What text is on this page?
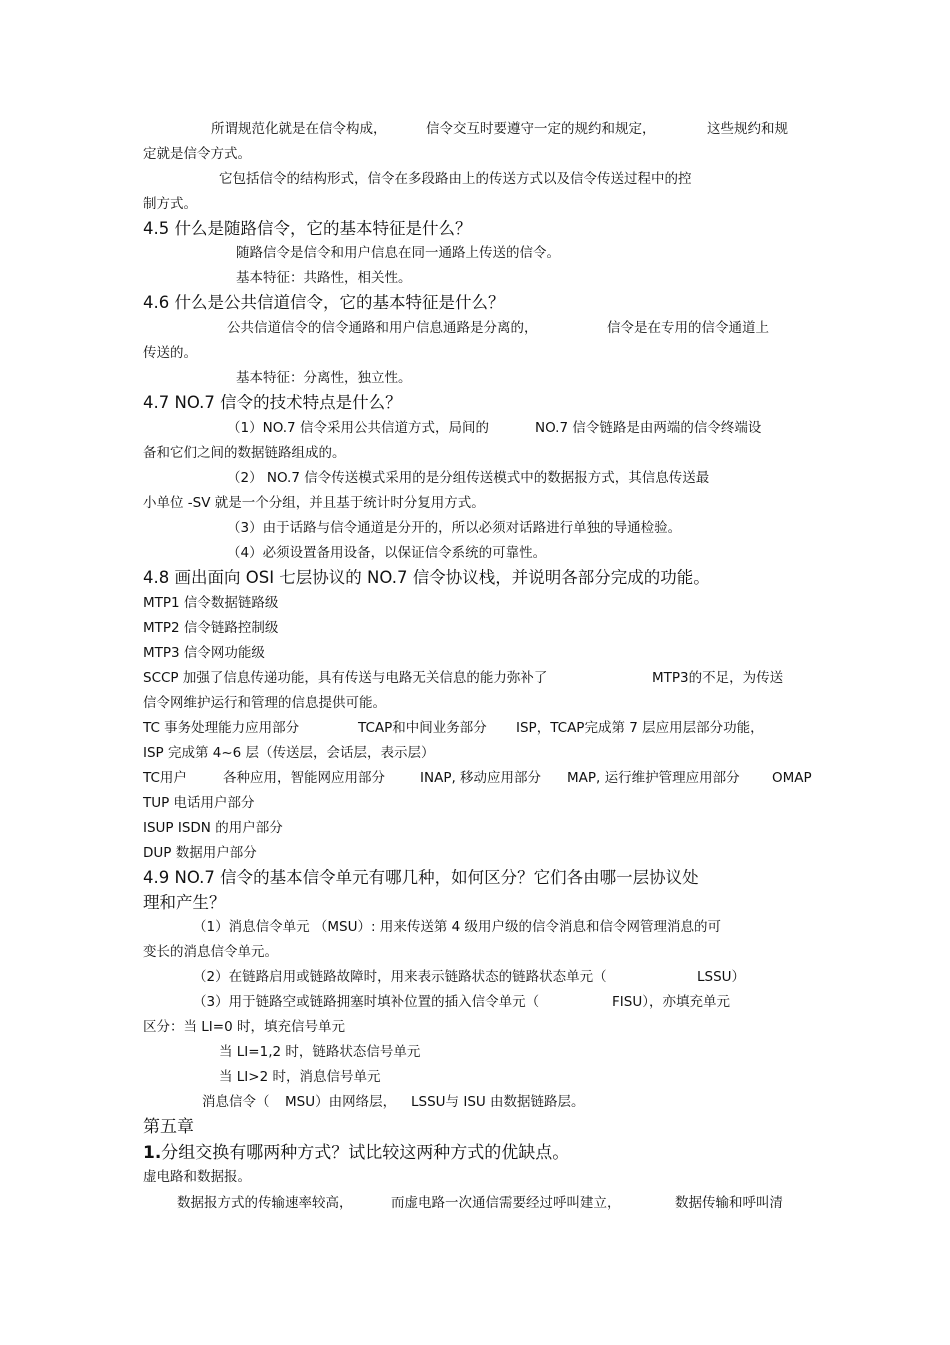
所谓规范化就是在信令构成，	信令交互时要遵守一定的规约和规定，	这些规约和规
定就是信令方式。
它包括信令的结构形式，信令在多段路由上的传送方式以及信令传送过程中的控
制方式。
4.5 什么是随路信令，它的基本特征是什么？
随路信令是信令和用户信息在同一通路上传送的信令。
基本特征：共路性，相关性。
4.6 什么是公共信道信令，它的基本特征是什么？
公共信道信令的信令通路和用户信息通路是分离的，	信令是在专用的信令通道上
传送的。
基本特征：分离性，独立性。
4.7 NO.7 信令的技术特点是什么？
（1）NO.7 信令采用公共信道方式，局间的	NO.7 信令链路是由两端的信令终端设
备和它们之间的数据链路组成的。
（2） NO.7 信令传送模式采用的是分组传送模式中的数据报方式，其信息传送最
小单位 -SV 就是一个分组，并且基于统计时分复用方式。
（3）由于话路与信令通道是分开的，所以必须对话路进行单独的导通检验。
（4）必须设置备用设备，以保证信令系统的可靠性。
4.8 画出面向 OSI 七层协议的 NO.7 信令协议栈，并说明各部分完成的功能。
MTP1 信令数据链路级
MTP2 信令链路控制级
MTP3 信令网功能级
SCCP 加强了信息传递功能，具有传送与电路无关信息的能力弥补了	MTP3的不足，为传送
信令网维护运行和管理的信息提供可能。
TC 事务处理能力应用部分	TCAP和中间业务部分 ISP，TCAP完成第 7 层应用层部分功能，
ISP 完成第 4~6 层（传送层，会话层，表示层）
TC用户	各种应用，智能网应用部分	INAP, 移动应用部分 MAP, 运行维护管理应用部分 OMAP
TUP 电话用户部分
ISUP ISDN 的用户部分
DUP 数据用户部分
4.9 NO.7 信令的基本信令单元有哪几种，如何区分？它们各由哪一层协议处
理和产生？
（1）消息信令单元 （MSU）: 用来传送第 4 级用户级的信令消息和信令网管理消息的可
变长的消息信令单元。
（2）在链路启用或链路故障时，用来表示链路状态的链路状态单元（	LSSU）
（3）用于链路空或链路拥塞时填补位置的插入信令单元（	FISU），亦填充单元
区分：当 LI=0 时，填充信号单元
当 LI=1,2 时，链路状态信号单元
当 LI>2 时，消息信号单元
消息信令（ MSU）由网络层， LSSU与 ISU 由数据链路层。
第五章
1.分组交换有哪两种方式？试比较这两种方式的优缺点。
虚电路和数据报。
数据报方式的传输速率较高，	而虚电路一次通信需要经过呼叫建立，	数据传输和呼叫清
